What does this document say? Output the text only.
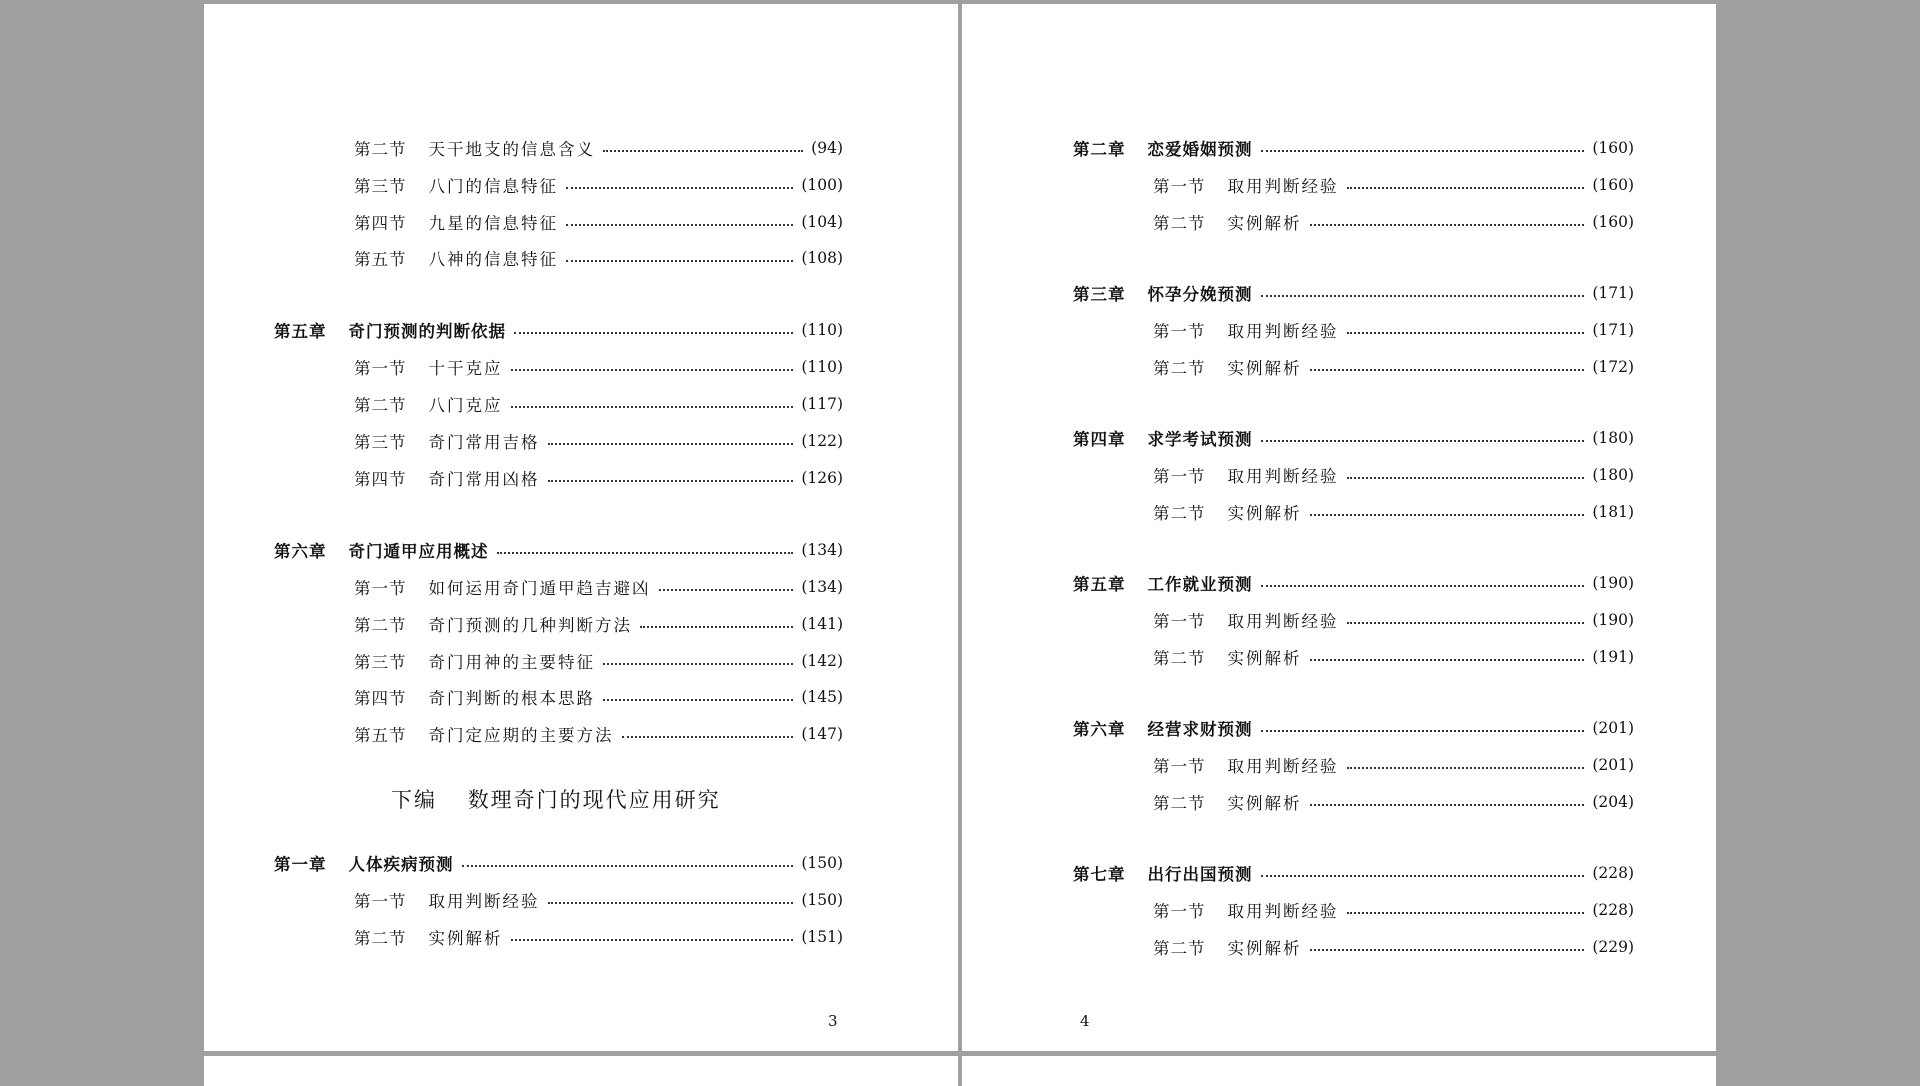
第二节 天干地支的信息含义	(94)
第三节 八门的信息特征	(100)
第四节 九星的信息特征	(104)
第五节 八神的信息特征	(108)
第五章 奇门预测的判断依据	(110)
第一节 十干克应	(110)
第二节 八门克应	(117)
第三节 奇门常用吉格	(122)
第四节 奇门常用凶格	(126)
第六章 奇门遁甲应用概述	(134)
第一节 如何运用奇门遁甲趋吉避凶	(134)
第二节 奇门预测的几种判断方法	(141)
第三节 奇门用神的主要特征	(142)
第四节 奇门判断的根本思路	(145)
第五节 奇门定应期的主要方法	(147)
第一章 人体疾病预测	(150)
第一节 取用判断经验	(150)
第二节 实例解析	(151)
下编 数理奇门的现代应用研究
3
第二章 恋爱婚姻预测	(160)
第一节 取用判断经验	(160)
第二节 实例解析	(160)
第三章 怀孕分娩预测	(171)
第一节 取用判断经验	(171)
第二节 实例解析	(172)
第四章 求学考试预测	(180)
第一节 取用判断经验	(180)
第二节 实例解析	(181)
第五章 工作就业预测	(190)
第一节 取用判断经验	(190)
第二节 实例解析	(191)
第六章 经营求财预测	(201)
第一节 取用判断经验	(201)
第二节 实例解析	(204)
第七章 出行出国预测	(228)
第一节 取用判断经验	(228)
第二节 实例解析	(229)
4
